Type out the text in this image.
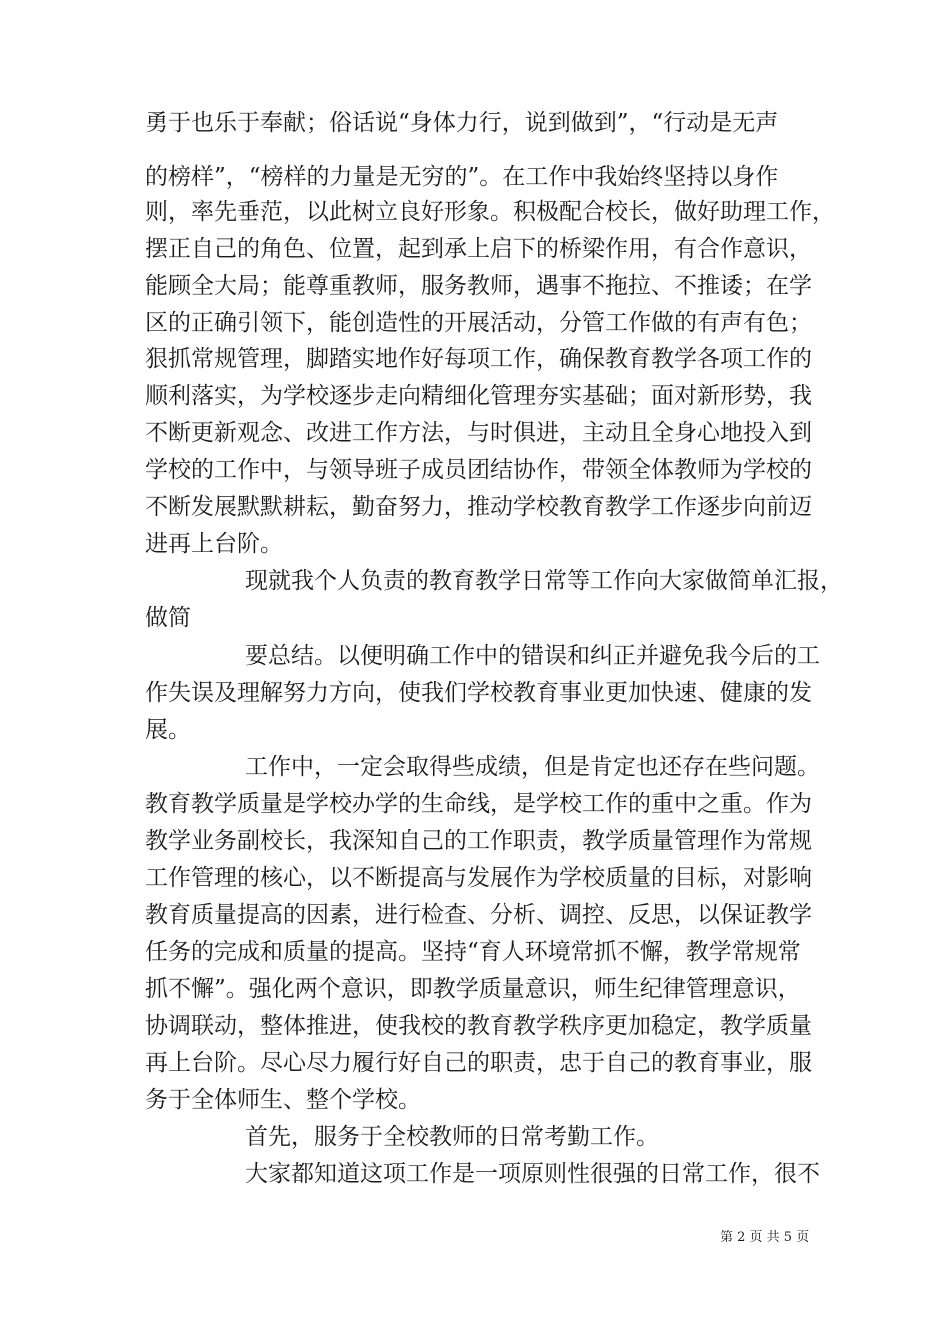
勇于也乐于奉献；俗话说“身体力行，说到做到”，“行动是无声
的榜样”，“榜样的力量是无穷的”。在工作中我始终坚持以身作
则，率先垂范，以此树立良好形象。积极配合校长，做好助理工作，
摆正自己的角色、位置，起到承上启下的桥梁作用，有合作意识，
能顾全大局；能尊重教师，服务教师，遇事不拖拉、不推诿；在学
区的正确引领下，能创造性的开展活动，分管工作做的有声有色；
狠抓常规管理，脚踏实地作好每项工作，确保教育教学各项工作的
顺利落实，为学校逐步走向精细化管理夯实基础；面对新形势，我
不断更新观念、改进工作方法，与时俱进，主动且全身心地投入到
学校的工作中，与领导班子成员团结协作，带领全体教师为学校的
不断发展默默耕耘，勤奋努力，推动学校教育教学工作逐步向前迈
进再上台阶。
现就我个人负责的教育教学日常等工作向大家做简单汇报，
做简
要总结。以便明确工作中的错误和纠正并避免我今后的工
作失误及理解努力方向，使我们学校教育事业更加快速、健康的发
展。
工作中，一定会取得些成绩，但是肯定也还存在些问题。
教育教学质量是学校办学的生命线，是学校工作的重中之重。作为
教学业务副校长，我深知自己的工作职责，教学质量管理作为常规
工作管理的核心，以不断提高与发展作为学校质量的目标，对影响
教育质量提高的因素，进行检查、分析、调控、反思，以保证教学
任务的完成和质量的提高。坚持“育人环境常抓不懈，教学常规常
抓不懈”。强化两个意识，即教学质量意识，师生纪律管理意识，
协调联动，整体推进，使我校的教育教学秩序更加稳定，教学质量
再上台阶。尽心尽力履行好自己的职责，忠于自己的教育事业，服
务于全体师生、整个学校。
首先，服务于全校教师的日常考勤工作。
大家都知道这项工作是一项原则性很强的日常工作，很不
第 2 页 共 5 页
